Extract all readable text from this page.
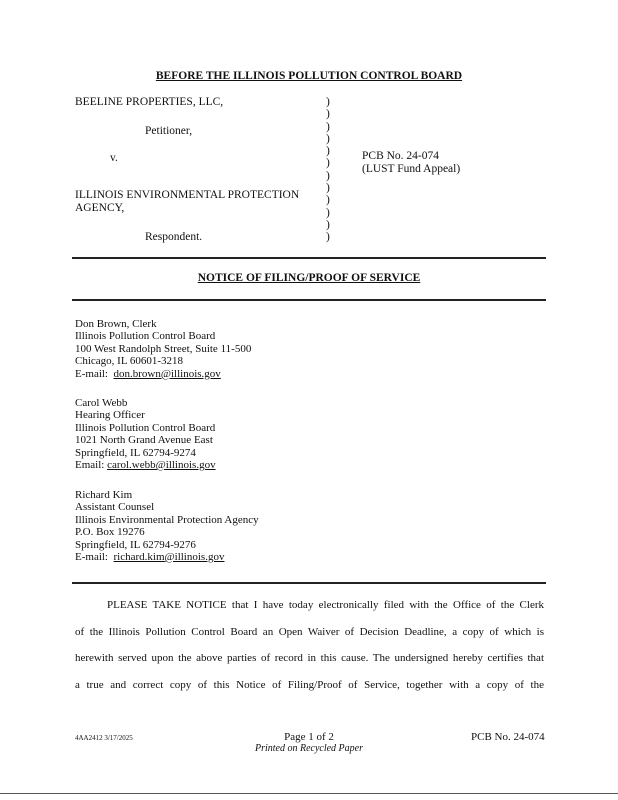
BEFORE THE ILLINOIS POLLUTION CONTROL BOARD
BEELINE PROPERTIES, LLC,
Petitioner,
v.
ILLINOIS ENVIRONMENTAL PROTECTION
AGENCY,
Respondent.
)
)
)
)
)
)
)
)
)
)
)
)
PCB No. 24-074
(LUST Fund Appeal)
NOTICE OF FILING/PROOF OF SERVICE
Don Brown, Clerk
Illinois Pollution Control Board
100 West Randolph Street, Suite 11-500
Chicago, IL 60601-3218
E-mail: don.brown@illinois.gov
Carol Webb
Hearing Officer
Illinois Pollution Control Board
1021 North Grand Avenue East
Springfield, IL 62794-9274
Email: carol.webb@illinois.gov
Richard Kim
Assistant Counsel
Illinois Environmental Protection Agency
P.O. Box 19276
Springfield, IL 62794-9276
E-mail: richard.kim@illinois.gov
PLEASE TAKE NOTICE that I have today electronically filed with the Office of the Clerk
of the Illinois Pollution Control Board an Open Waiver of Decision Deadline, a copy of which is
herewith served upon the above parties of record in this cause. The undersigned hereby certifies that
a true and correct copy of this Notice of Filing/Proof of Service, together with a copy of the
4AA2412 3/17/2025	Page 1 of 2
Printed on Recycled Paper
PCB No. 24-074
